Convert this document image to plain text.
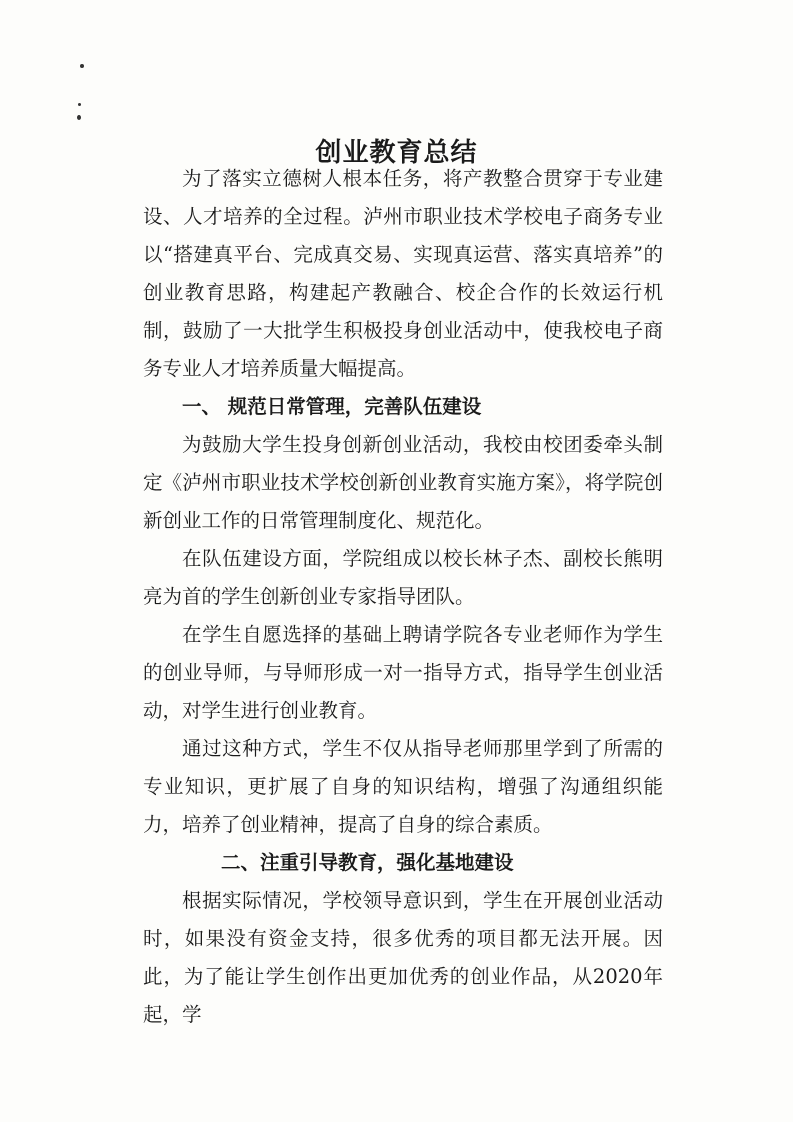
创业教育总结

为了落实立德树人根本任务，将产教整合贯穿于专业建设、人才培养的全过程。泸州市职业技术学校电子商务专业以“搭建真平台、完成真交易、实现真运营、落实真培养”的创业教育思路，构建起产教融合、校企合作的长效运行机制，鼓励了一大批学生积极投身创业活动中，使我校电子商务专业人才培养质量大幅提高。

一、 规范日常管理，完善队伍建设

为鼓励大学生投身创新创业活动，我校由校团委牵头制定《泸州市职业技术学校创新创业教育实施方案》，将学院创新创业工作的日常管理制度化、规范化。

在队伍建设方面，学院组成以校长林子杰、副校长熊明亮为首的学生创新创业专家指导团队。

在学生自愿选择的基础上聘请学院各专业老师作为学生的创业导师，与导师形成一对一指导方式，指导学生创业活动，对学生进行创业教育。

通过这种方式，学生不仅从指导老师那里学到了所需的专业知识，更扩展了自身的知识结构，增强了沟通组织能力，培养了创业精神，提高了自身的综合素质。

二、注重引导教育，强化基地建设

根据实际情况，学校领导意识到，学生在开展创业活动时，如果没有资金支持，很多优秀的项目都无法开展。因此，为了能让学生创作出更加优秀的创业作品，从2020年起，学
